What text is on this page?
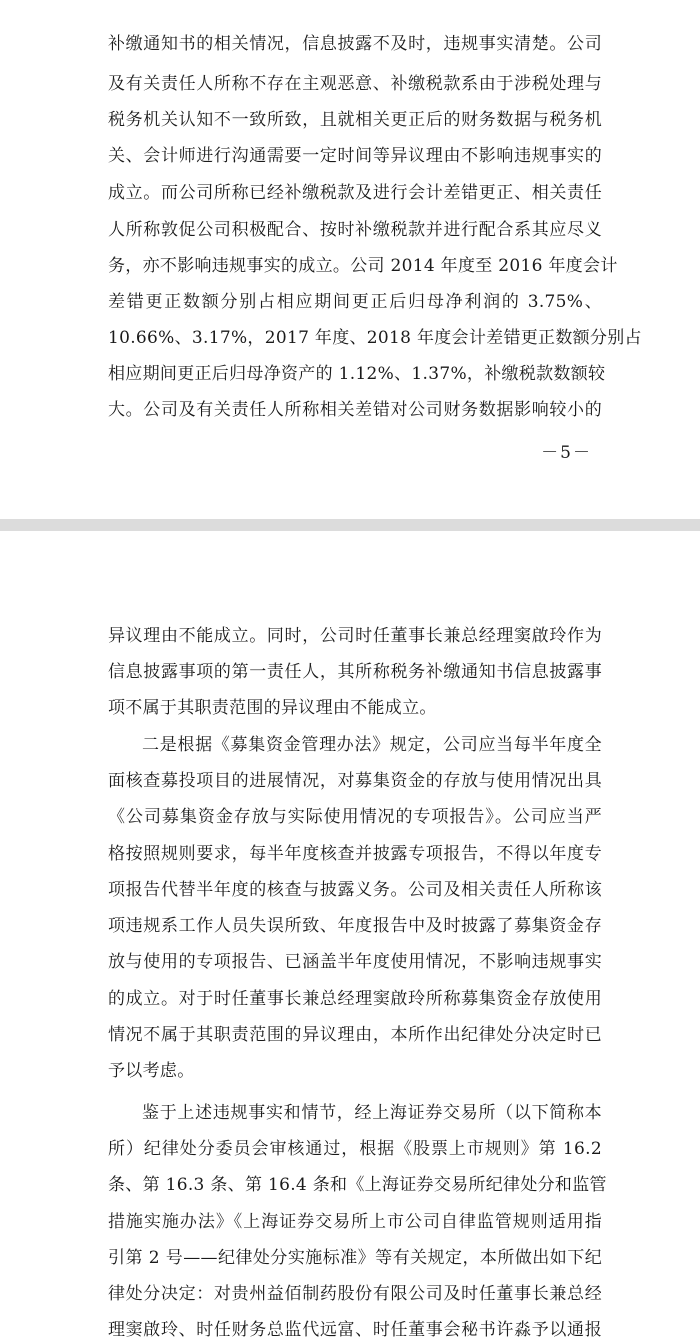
补缴通知书的相关情况，信息披露不及时，违规事实清楚。公司
及有关责任人所称不存在主观恶意、补缴税款系由于涉税处理与
税务机关认知不一致所致，且就相关更正后的财务数据与税务机
关、会计师进行沟通需要一定时间等异议理由不影响违规事实的
成立。而公司所称已经补缴税款及进行会计差错更正、相关责任
人所称敦促公司积极配合、按时补缴税款并进行配合系其应尽义
务，亦不影响违规事实的成立。公司 2014 年度至 2016 年度会计
差错更正数额分别占相应期间更正后归母净利润的 3.75%、
10.66%、3.17%，2017 年度、2018 年度会计差错更正数额分别占
相应期间更正后归母净资产的 1.12%、1.37%，补缴税款数额较
大。公司及有关责任人所称相关差错对公司财务数据影响较小的
－5－
异议理由不能成立。同时，公司时任董事长兼总经理窦啟玲作为
信息披露事项的第一责任人，其所称税务补缴通知书信息披露事
项不属于其职责范围的异议理由不能成立。
二是根据《募集资金管理办法》规定，公司应当每半年度全
面核查募投项目的进展情况，对募集资金的存放与使用情况出具
《公司募集资金存放与实际使用情况的专项报告》。公司应当严
格按照规则要求，每半年度核查并披露专项报告，不得以年度专
项报告代替半年度的核查与披露义务。公司及相关责任人所称该
项违规系工作人员失误所致、年度报告中及时披露了募集资金存
放与使用的专项报告、已涵盖半年度使用情况，不影响违规事实
的成立。对于时任董事长兼总经理窦啟玲所称募集资金存放使用
情况不属于其职责范围的异议理由，本所作出纪律处分决定时已
予以考虑。
鉴于上述违规事实和情节，经上海证券交易所（以下简称本
所）纪律处分委员会审核通过，根据《股票上市规则》第 16.2
条、第 16.3 条、第 16.4 条和《上海证券交易所纪律处分和监管
措施实施办法》《上海证券交易所上市公司自律监管规则适用指
引第 2 号——纪律处分实施标准》等有关规定，本所做出如下纪
律处分决定：对贵州益佰制药股份有限公司及时任董事长兼总经
理窦啟玲、时任财务总监代远富、时任董事会秘书许淼予以通报
